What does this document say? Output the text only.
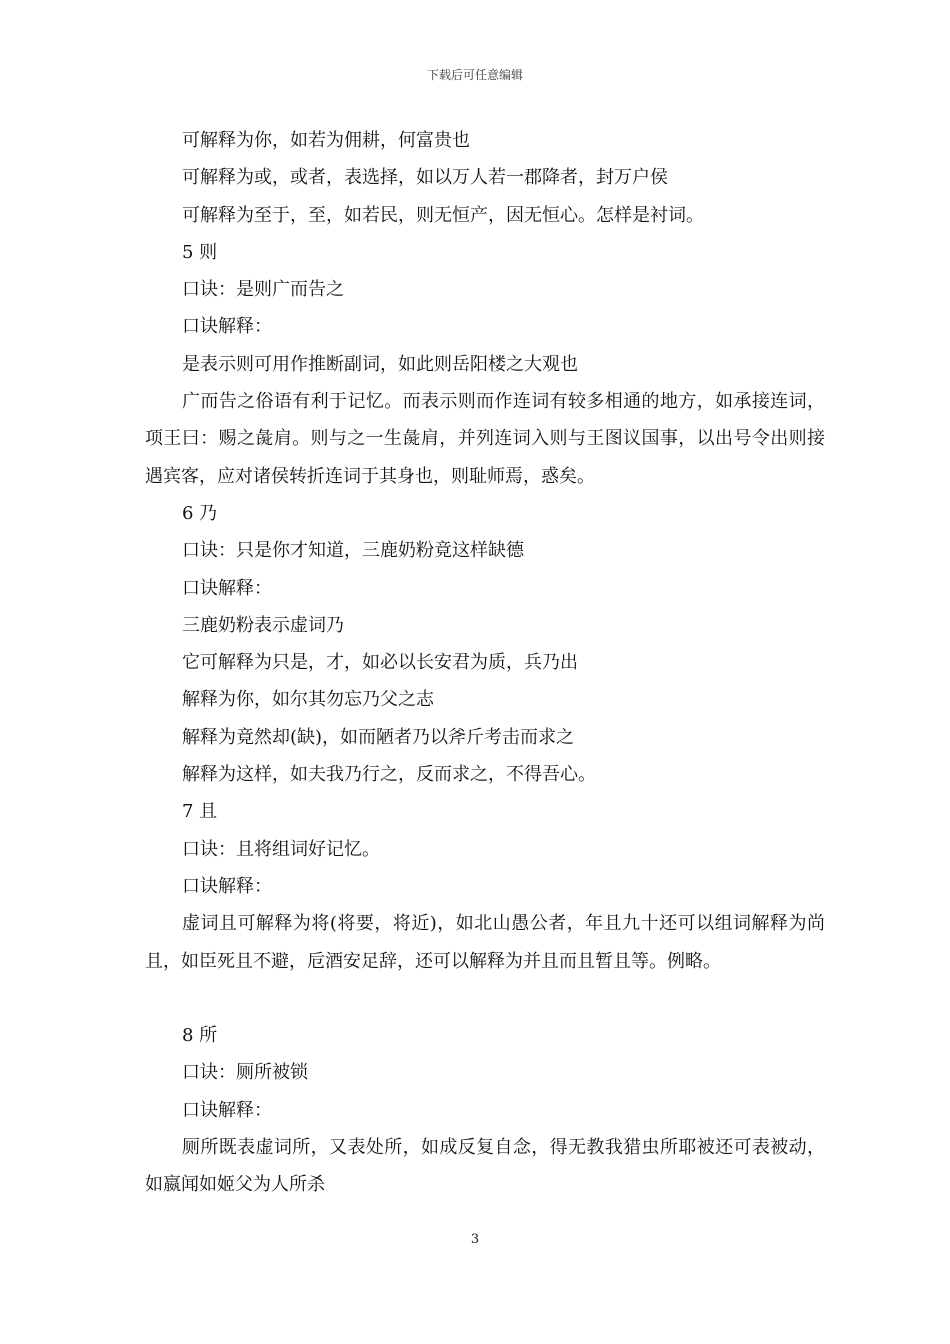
下载后可任意编辑
可解释为你，如若为佣耕，何富贵也
可解释为或，或者，表选择，如以万人若一郡降者，封万户侯
可解释为至于，至，如若民，则无恒产，因无恒心。怎样是衬词。
5 则
口诀：是则广而告之
口诀解释：
是表示则可用作推断副词，如此则岳阳楼之大观也
广而告之俗语有利于记忆。而表示则而作连词有较多相通的地方，如承接连词，项王曰：赐之彘肩。则与之一生彘肩，并列连词入则与王图议国事，以出号令出则接遇宾客，应对诸侯转折连词于其身也，则耻师焉，惑矣。
6 乃
口诀：只是你才知道，三鹿奶粉竟这样缺德
口诀解释：
三鹿奶粉表示虚词乃
它可解释为只是，才，如必以长安君为质，兵乃出
解释为你，如尔其勿忘乃父之志
解释为竟然却(缺)，如而陋者乃以斧斤考击而求之
解释为这样，如夫我乃行之，反而求之，不得吾心。
7 且
口诀：且将组词好记忆。
口诀解释：
虚词且可解释为将(将要，将近)，如北山愚公者，年且九十还可以组词解释为尚且，如臣死且不避，卮酒安足辞，还可以解释为并且而且暂且等。例略。
8 所
口诀：厕所被锁
口诀解释：
厕所既表虚词所，又表处所，如成反复自念，得无教我猎虫所耶被还可表被动，如嬴闻如姬父为人所杀
3
